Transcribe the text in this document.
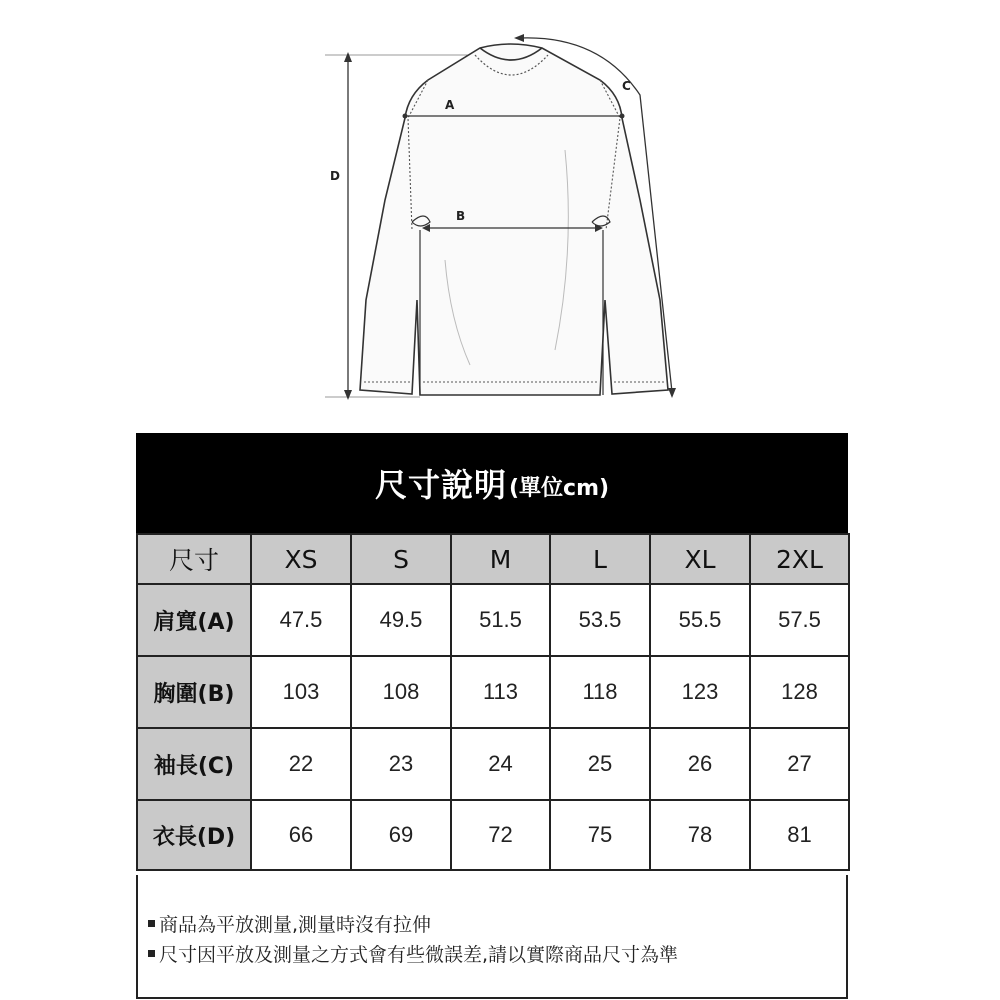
A
B
C
D
尺寸說明 (單位cm)
尺寸	XS	S	M	L	XL	2XL
肩寬(A)	47.5	49.5	51.5	53.5	55.5	57.5
胸圍(B)	103	108	113	118	123	128
袖長(C)	22	23	24	25	26	27
衣長(D)	66	69	72	75	78	81
商品為平放測量,測量時沒有拉伸
尺寸因平放及測量之方式會有些微誤差,請以實際商品尺寸為準
